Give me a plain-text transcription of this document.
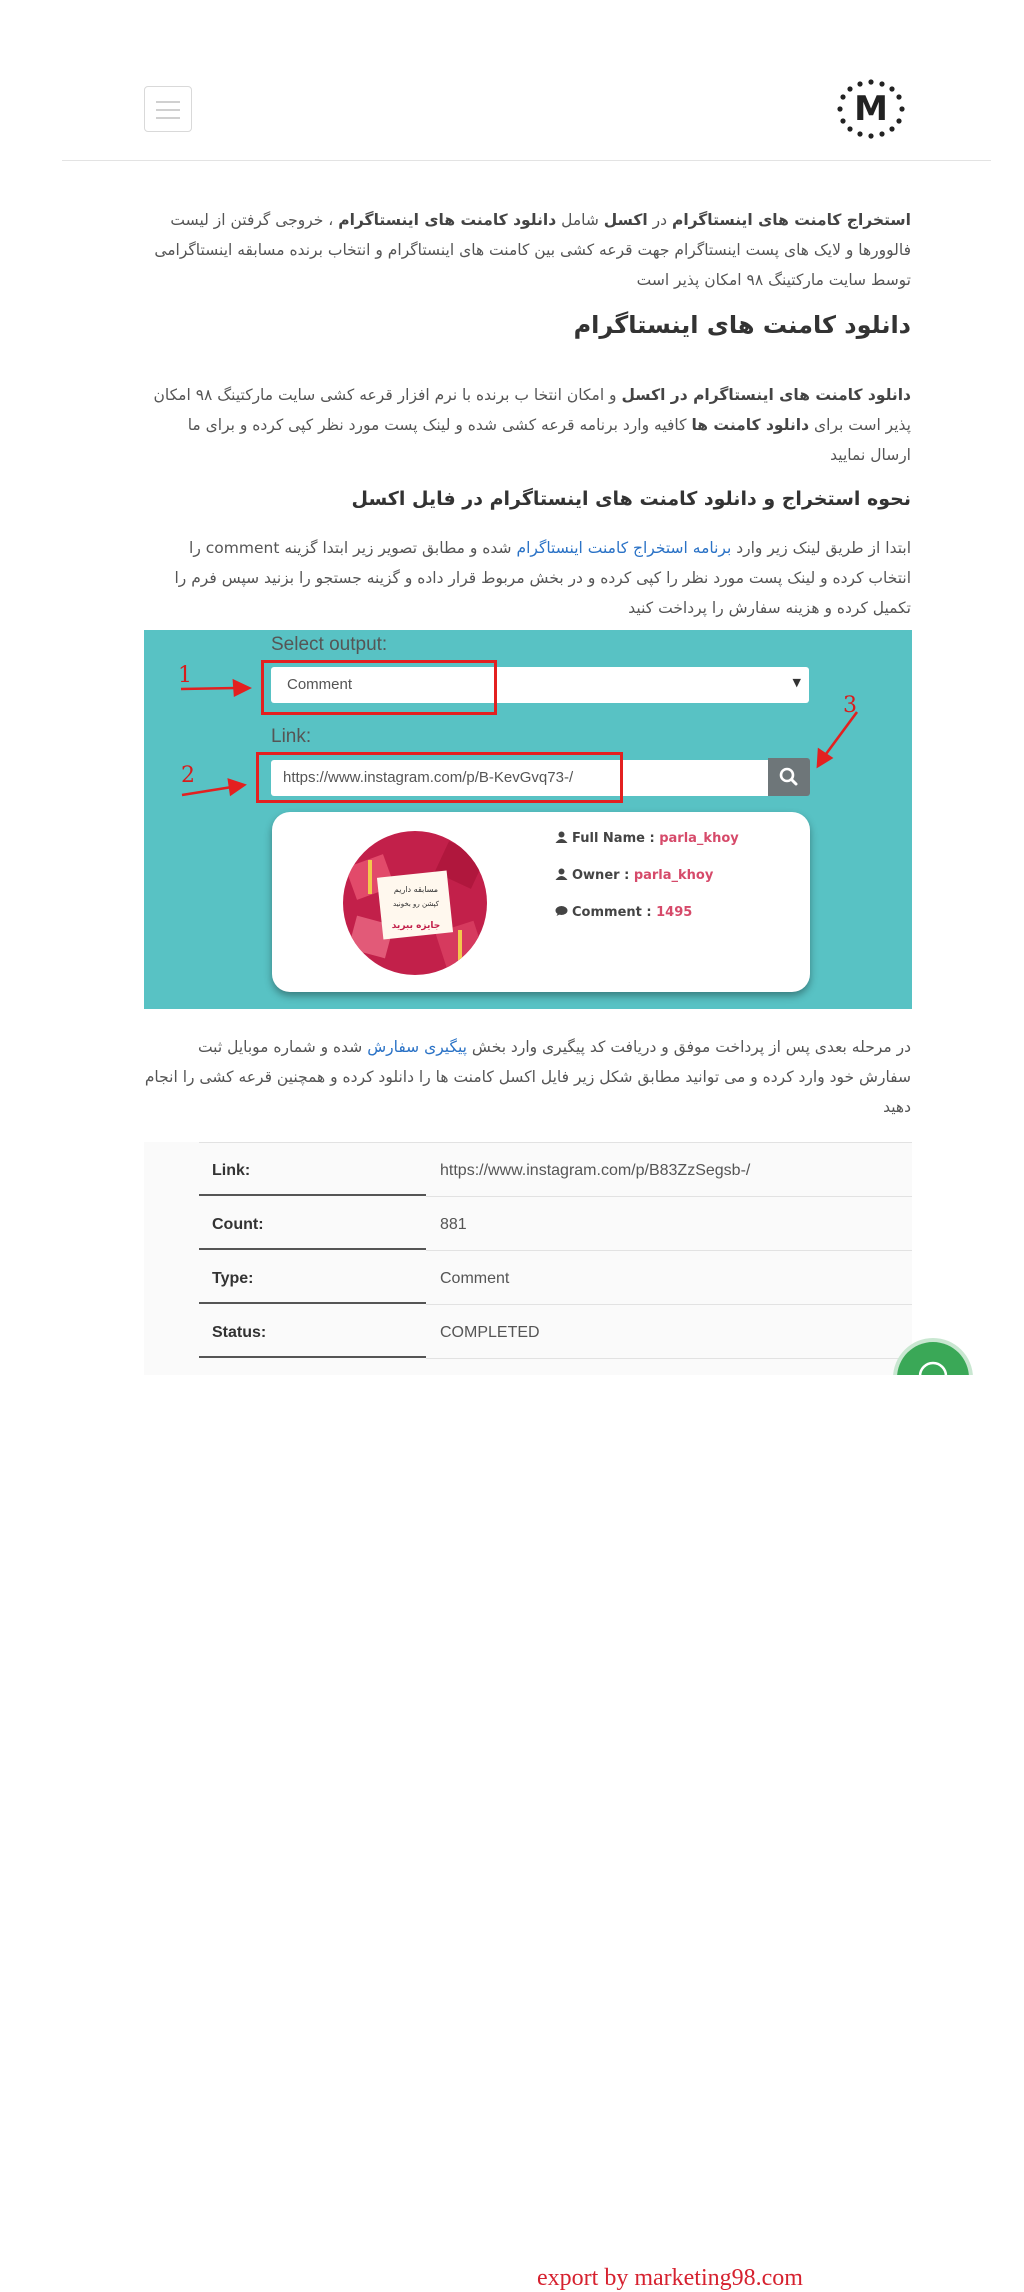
M

استخراج کامنت های اینستاگرام در اکسل شامل دانلود کامنت های اینستاگرام ، خروجی گرفتن از لیست فالوورها و لایک های پست اینستاگرام جهت قرعه کشی بین کامنت های اینستاگرام و انتخاب برنده مسابقه اینستاگرامی توسط سایت مارکتینگ ۹۸ امکان پذیر است

دانلود کامنت های اینستاگرام

دانلود کامنت های اینستاگرام در اکسل و امکان انتخا ب برنده با نرم افزار قرعه کشی سایت مارکتینگ ۹۸ امکان پذیر است برای دانلود کامنت ها کافیه وارد برنامه قرعه کشی شده و لینک پست مورد نظر کپی کرده و برای ما ارسال نمایید

نحوه استخراج و دانلود کامنت های اینستاگرام در فایل اکسل

ابتدا از طریق لینک زیر وارد برنامه استخراج کامنت اینستاگرام شده و مطابق تصویر زیر ابتدا گزینه comment را انتخاب کرده و لینک پست مورد نظر را کپی کرده و در بخش مربوط قرار داده و گزینه جستجو را بزنید سپس فرم را تکمیل کرده و هزینه سفارش را پرداخت کنید

Select output:
Comment	▼
Link:
https://www.instagram.com/p/B-KevGvq73-/
1
2
3
مسابقه داریم
کپشن رو بخونید
جایزه ببرید
Full Name : parla_khoy
Owner : parla_khoy
Comment : 1495

در مرحله بعدی پس از پرداخت موفق و دریافت کد پیگیری وارد بخش پیگیری سفارش شده و شماره موبایل ثبت سفارش خود وارد کرده و می توانید مطابق شکل زیر فایل اکسل کامنت ها را دانلود کرده و همچنین قرعه کشی را انجام دهید

Link:	https://www.instagram.com/p/B83ZzSegsb-/
Count:	881
Type:	Comment
Status:	COMPLETED
export by marketing98.com
